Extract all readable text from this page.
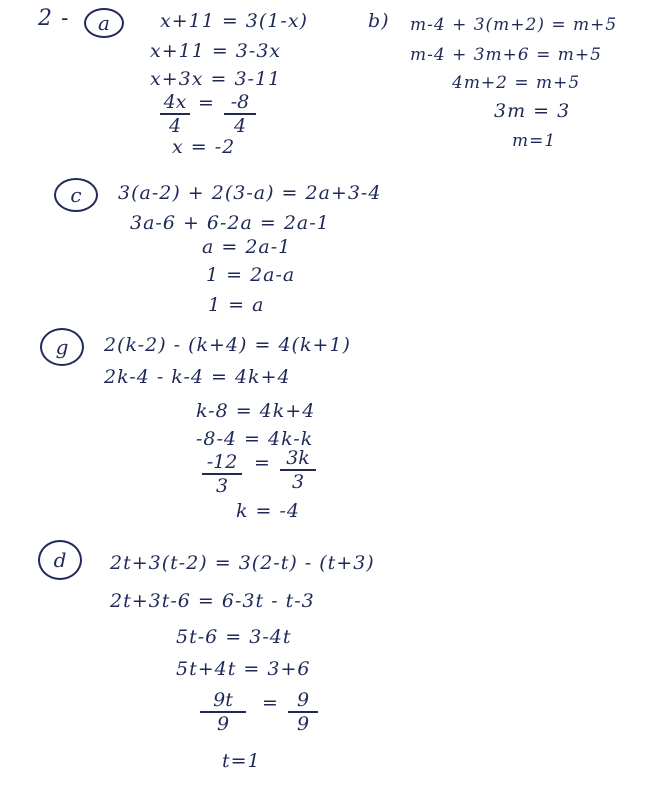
2 -	a	x+11 = 3(1-x)
x+11 = 3-3x
x+3x = 3-11
4x
4
= -8
4
x = -2
b) m-4 + 3(m+2) = m+5
m-4 + 3m+6 = m+5
4m+2 = m+5
3m = 3
m=1
c	3(a-2) + 2(3-a) = 2a+3-4
3a-6 + 6-2a = 2a-1
a = 2a-1
1 = 2a-a
1 = a
g	2(k-2) - (k+4) = 4(k+1)
2k-4 - k-4 = 4k+4
k-8 = 4k+4
-8-4 = 4k-k
-12
3
= 3k
3
k = -4
d	2t+3(t-2) = 3(2-t) - (t+3)
2t+3t-6 = 6-3t - t-3
5t-6 = 3-4t
5t+4t = 3+6
9t
9
=	9
9
t=1
